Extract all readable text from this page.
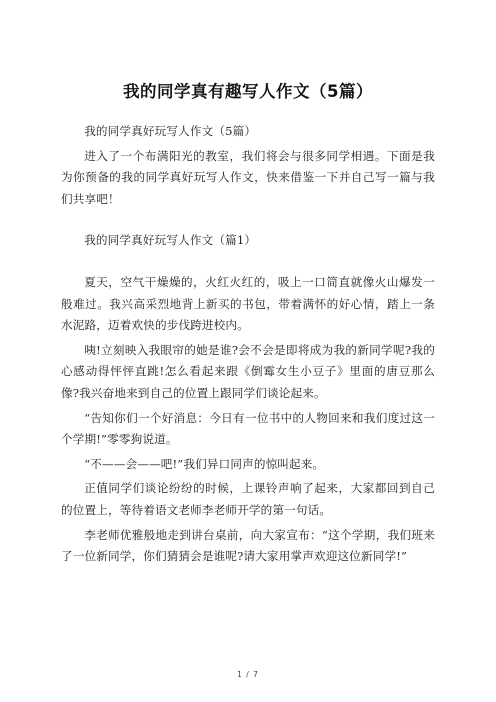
我的同学真有趣写人作文（5篇）

我的同学真好玩写人作文（5篇）

进入了一个布满阳光的教室，我们将会与很多同学相遇。下面是我为你预备的我的同学真好玩写人作文，快来借鉴一下并自己写一篇与我们共享吧！

我的同学真好玩写人作文（篇1）

夏天，空气干燥燥的，火红火红的，吸上一口简直就像火山爆发一般难过。我兴高采烈地背上新买的书包，带着满怀的好心情，踏上一条水泥路，迈着欢快的步伐跨进校内。

咦!立刻映入我眼帘的她是谁?会不会是即将成为我的新同学呢?我的心感动得怦怦直跳!怎么看起来跟《倒霉女生小豆子》里面的唐豆那么像?我兴奋地来到自己的位置上跟同学们谈论起来。

“告知你们一个好消息：今日有一位书中的人物回来和我们度过这一个学期!”零零狗说道。

“不——会——吧!”我们异口同声的惊叫起来。

正值同学们谈论纷纷的时候，上课铃声响了起来，大家都回到自己的位置上，等待着语文老师李老师开学的第一句话。

李老师优雅般地走到讲台桌前，向大家宣布：“这个学期，我们班来了一位新同学，你们猜猜会是谁呢?请大家用掌声欢迎这位新同学!”

1 / 7
